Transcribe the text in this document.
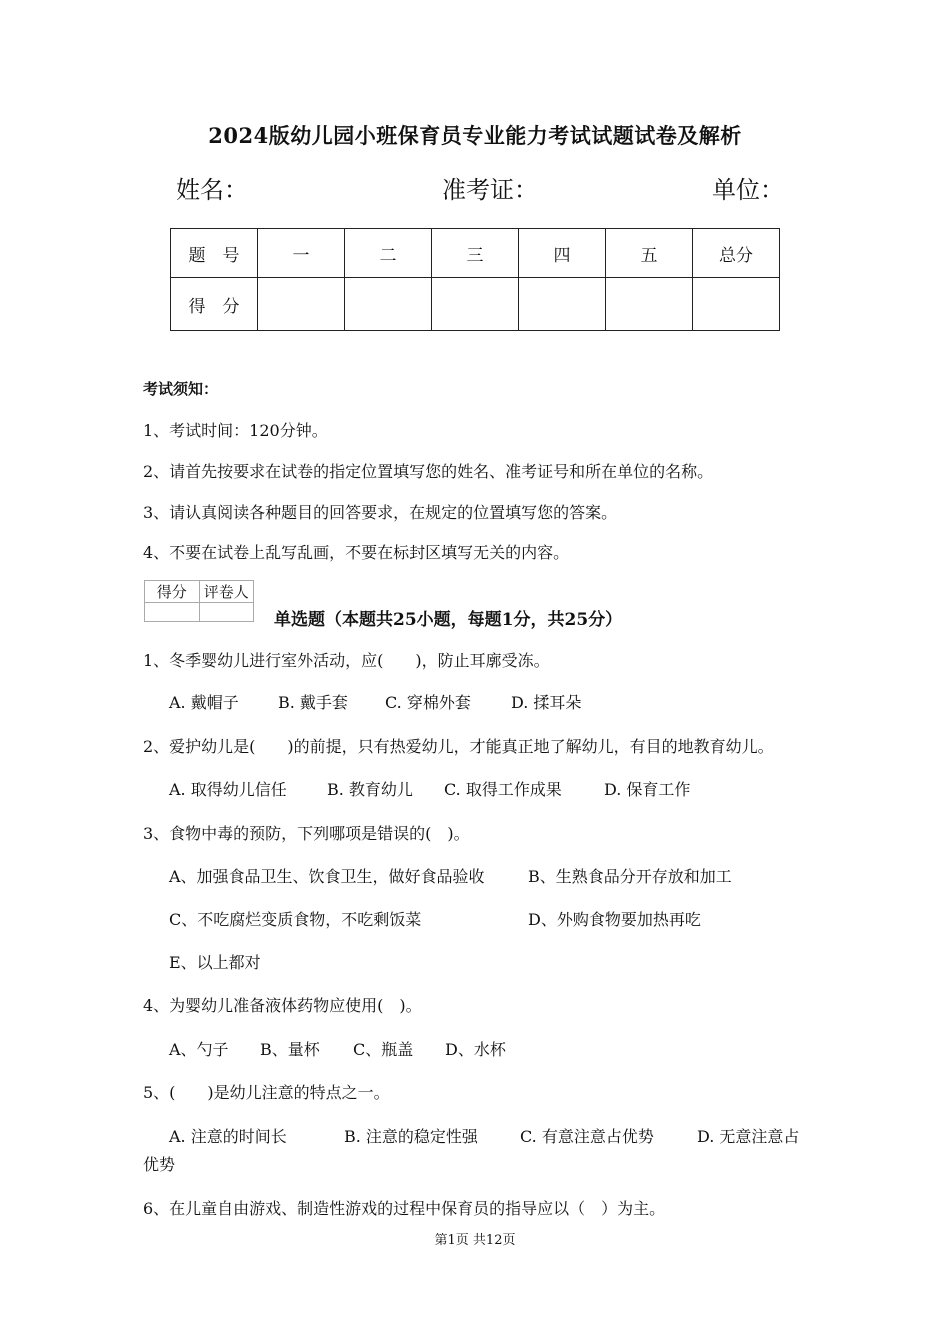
2024版幼儿园小班保育员专业能力考试试题试卷及解析
姓名：	准考证：	单位：
题　号	一	二	三	四	五	总分
得　分						
考试须知：
1、考试时间：120分钟。
2、请首先按要求在试卷的指定位置填写您的姓名、准考证号和所在单位的名称。
3、请认真阅读各种题目的回答要求，在规定的位置填写您的答案。
4、不要在试卷上乱写乱画，不要在标封区填写无关的内容。
得分	评卷人

单选题（本题共25小题，每题1分，共25分）
1、冬季婴幼儿进行室外活动，应(　　)，防止耳廓受冻。
A. 戴帽子 B. 戴手套 C. 穿棉外套	D. 揉耳朵
2、爱护幼儿是(　　)的前提，只有热爱幼儿，才能真正地了解幼儿，有目的地教育幼儿。
A. 取得幼儿信任	B. 教育幼儿 C. 取得工作成果	D. 保育工作
3、食物中毒的预防，下列哪项是错误的(　)。
A、加强食品卫生、饮食卫生，做好食品验收	B、生熟食品分开存放和加工
C、不吃腐烂变质食物，不吃剩饭菜	D、外购食物要加热再吃
E、以上都对
4、为婴幼儿准备液体药物应使用(　)。
A、勺子 B、量杯 C、瓶盖 D、水杯
5、(　　)是幼儿注意的特点之一。
A. 注意的时间长	B. 注意的稳定性强	C. 有意注意占优势	D. 无意注意占
优势
6、在儿童自由游戏、制造性游戏的过程中保育员的指导应以（　）为主。
第1页 共12页
